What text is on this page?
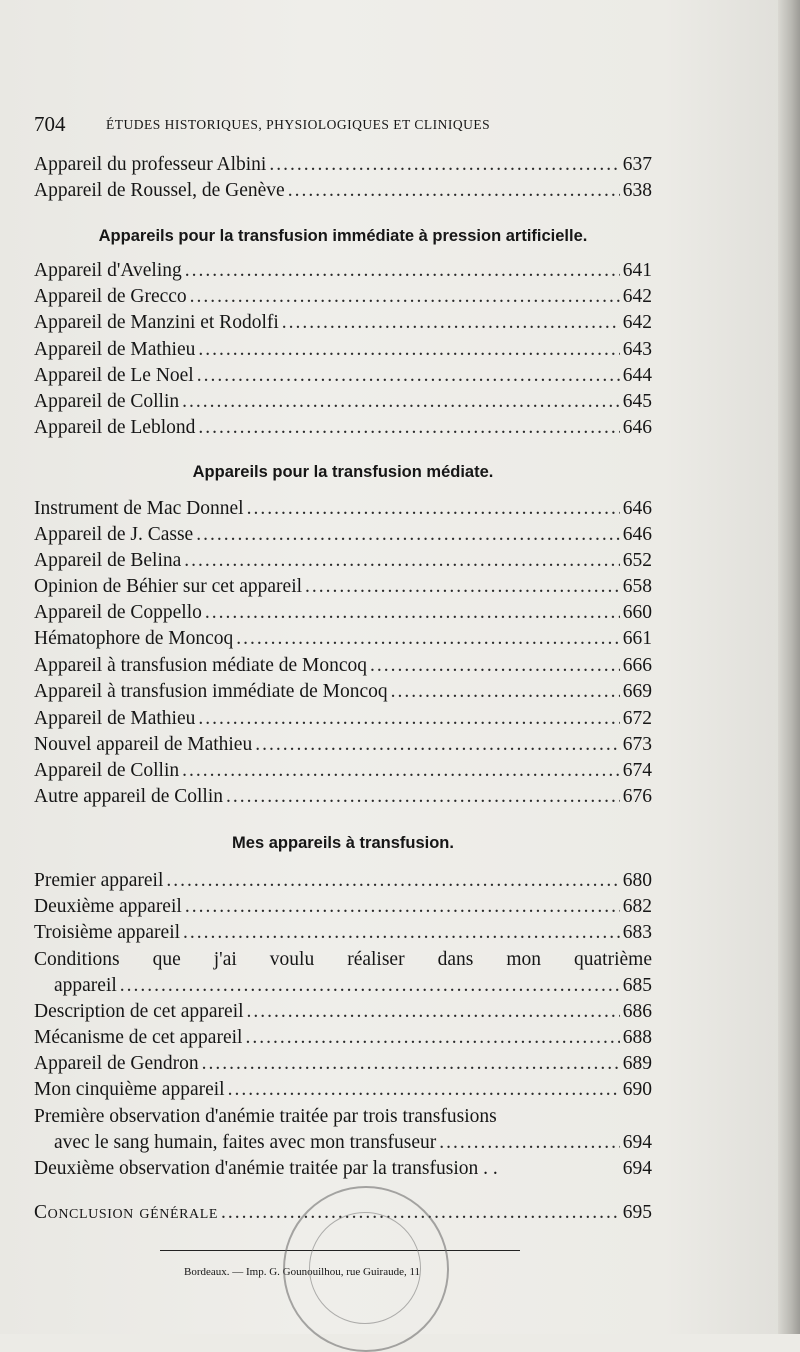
704	ÉTUDES HISTORIQUES, PHYSIOLOGIQUES ET CLINIQUES
Appareil du professeur Albini .....	637
Appareil de Roussel, de Genève .....	638
Appareils pour la transfusion immédiate à pression artificielle.
Appareil d'Aveling .....	641
Appareil de Grecco .....	642
Appareil de Manzini et Rodolfi .....	642
Appareil de Mathieu .....	643
Appareil de Le Noel .....	644
Appareil de Collin .....	645
Appareil de Leblond .....	646
Appareils pour la transfusion médiate.
Instrument de Mac Donnel .....	646
Appareil de J. Casse .....	646
Appareil de Belina .....	652
Opinion de Béhier sur cet appareil .....	658
Appareil de Coppello .....	660
Hématophore de Moncoq .....	661
Appareil à transfusion médiate de Moncoq .....	666
Appareil à transfusion immédiate de Moncoq .....	669
Appareil de Mathieu .....	672
Nouvel appareil de Mathieu .....	673
Appareil de Collin .....	674
Autre appareil de Collin .....	676
Mes appareils à transfusion.
Premier appareil .....	680
Deuxième appareil .....	682
Troisième appareil .....	683
Conditions que j'ai voulu réaliser dans mon quatrième
appareil .....	685
Description de cet appareil .....	686
Mécanisme de cet appareil .....	688
Appareil de Gendron .....	689
Mon cinquième appareil .....	690
Première observation d'anémie traitée par trois transfusions
avec le sang humain, faites avec mon transfuseur .....	694
Deuxième observation d'anémie traitée par la transfusion . .	694
Conclusion générale .....	695
Bordeaux. — Imp. G. Gounouilhou, rue Guiraude, 11
